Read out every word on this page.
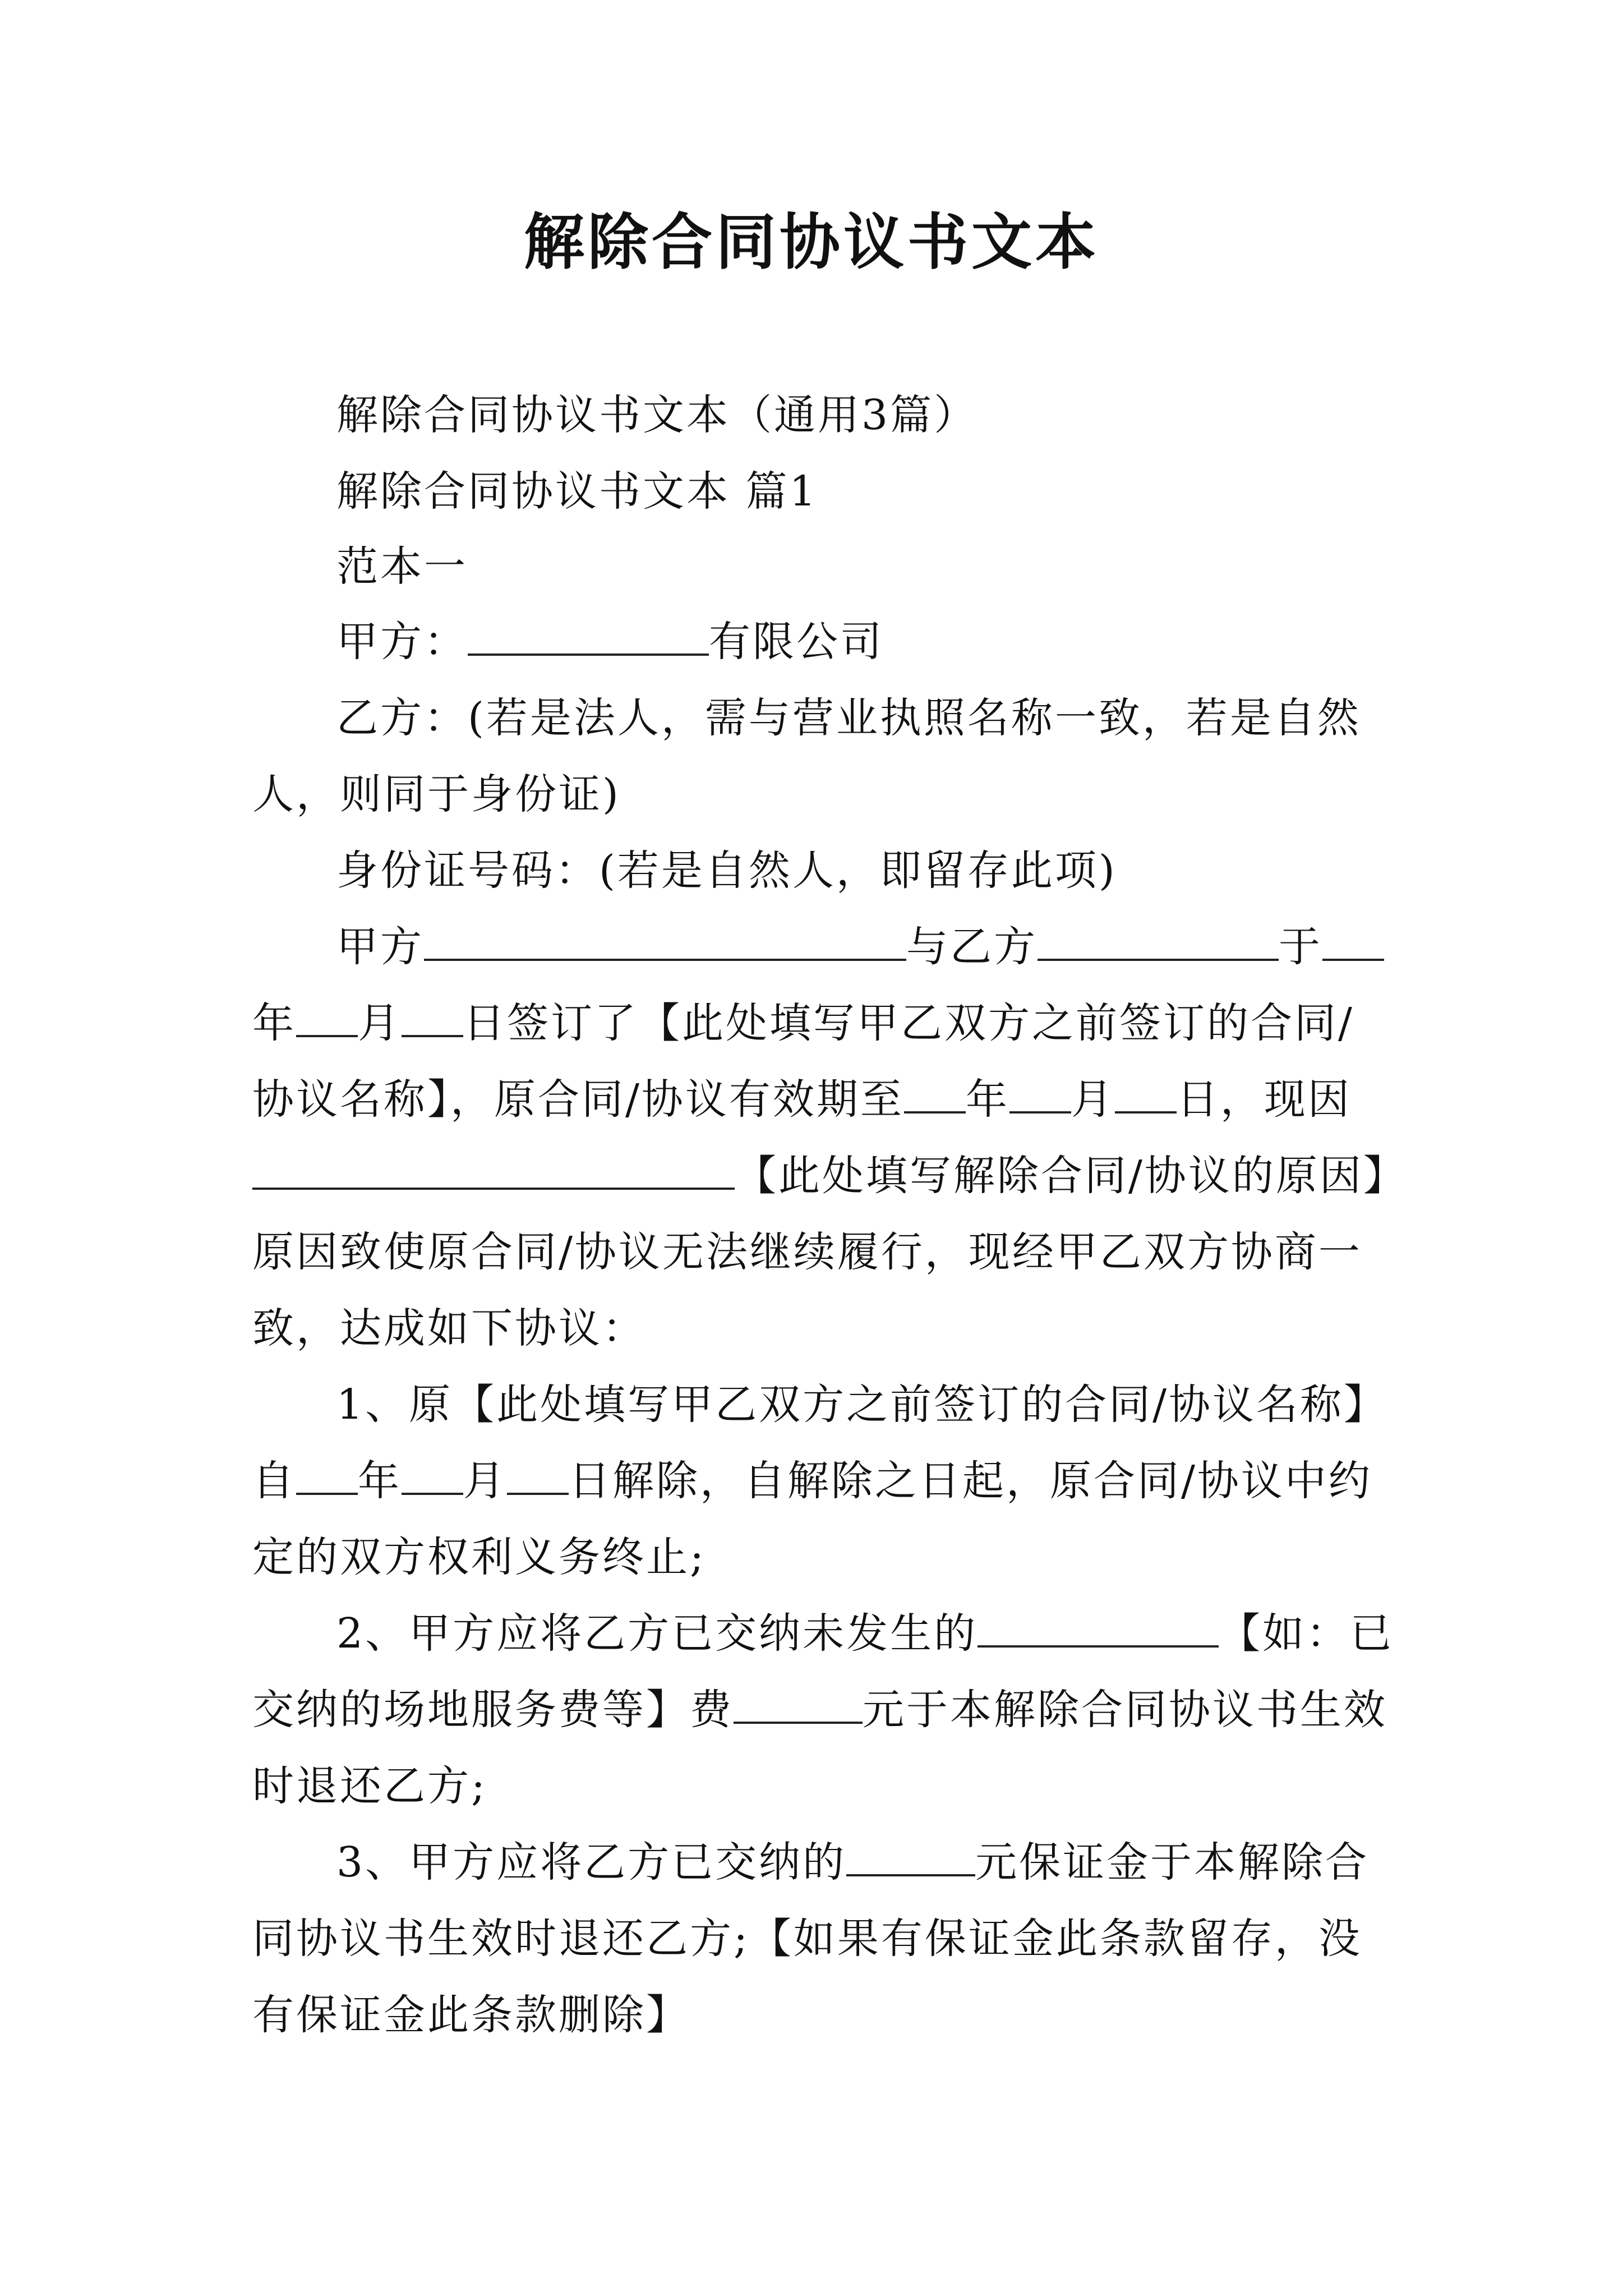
解除合同协议书文本
解除合同协议书文本（通用3篇）
解除合同协议书文本 篇1
范本一
甲方：	有限公司
乙方：(若是法人，需与营业执照名称一致，若是自然
人，则同于身份证)
身份证号码：(若是自然人，即留存此项)
甲方	与乙方	于
年 月 日签订了【此处填写甲乙双方之前签订的合同/
协议名称】，原合同/协议有效期至 年 月 日，现因
【此处填写解除合同/协议的原因】
原因致使原合同/协议无法继续履行，现经甲乙双方协商一
致，达成如下协议：
1、原【此处填写甲乙双方之前签订的合同/协议名称】
自 年 月 日解除，自解除之日起，原合同/协议中约
定的双方权利义务终止;
2、甲方应将乙方已交纳未发生的	【如：已
交纳的场地服务费等】费	元于本解除合同协议书生效
时退还乙方;
3、甲方应将乙方已交纳的	元保证金于本解除合
同协议书生效时退还乙方;【如果有保证金此条款留存，没
有保证金此条款删除】
